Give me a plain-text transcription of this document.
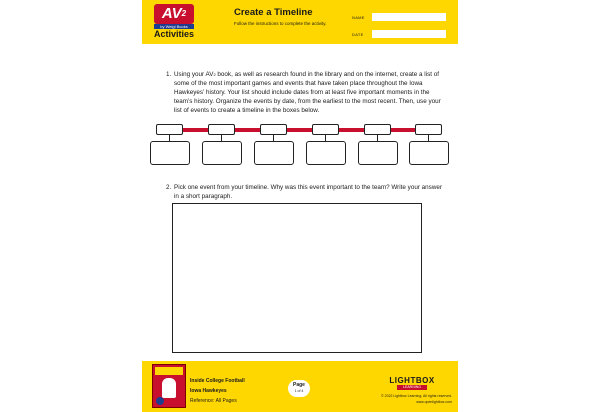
$AV^2$
by Weigl Books
Activities
Create a Timeline
Follow the instructions to complete the activity.
NAME
DATE
1. Using your $AV^2$ book, as well as research found in the library and on the internet, create a list of some of the most important games and events that have taken place throughout the Iowa Hawkeyes’ history. Your list should include dates from at least five important moments in the team’s history. Organize the events by date, from the earliest to the most recent. Then, use your list of events to create a timeline in the boxes below.
2. Pick one event from your timeline. Why was this event important to the team? Write your answer in a short paragraph.
Inside College Football
Iowa Hawkeyes
Reference: All Pages
Page
1 of 4
LIGHTBOX
LEARNING
© 2022 Lightbox Learning. All rights reserved.
www.openlightbox.com
